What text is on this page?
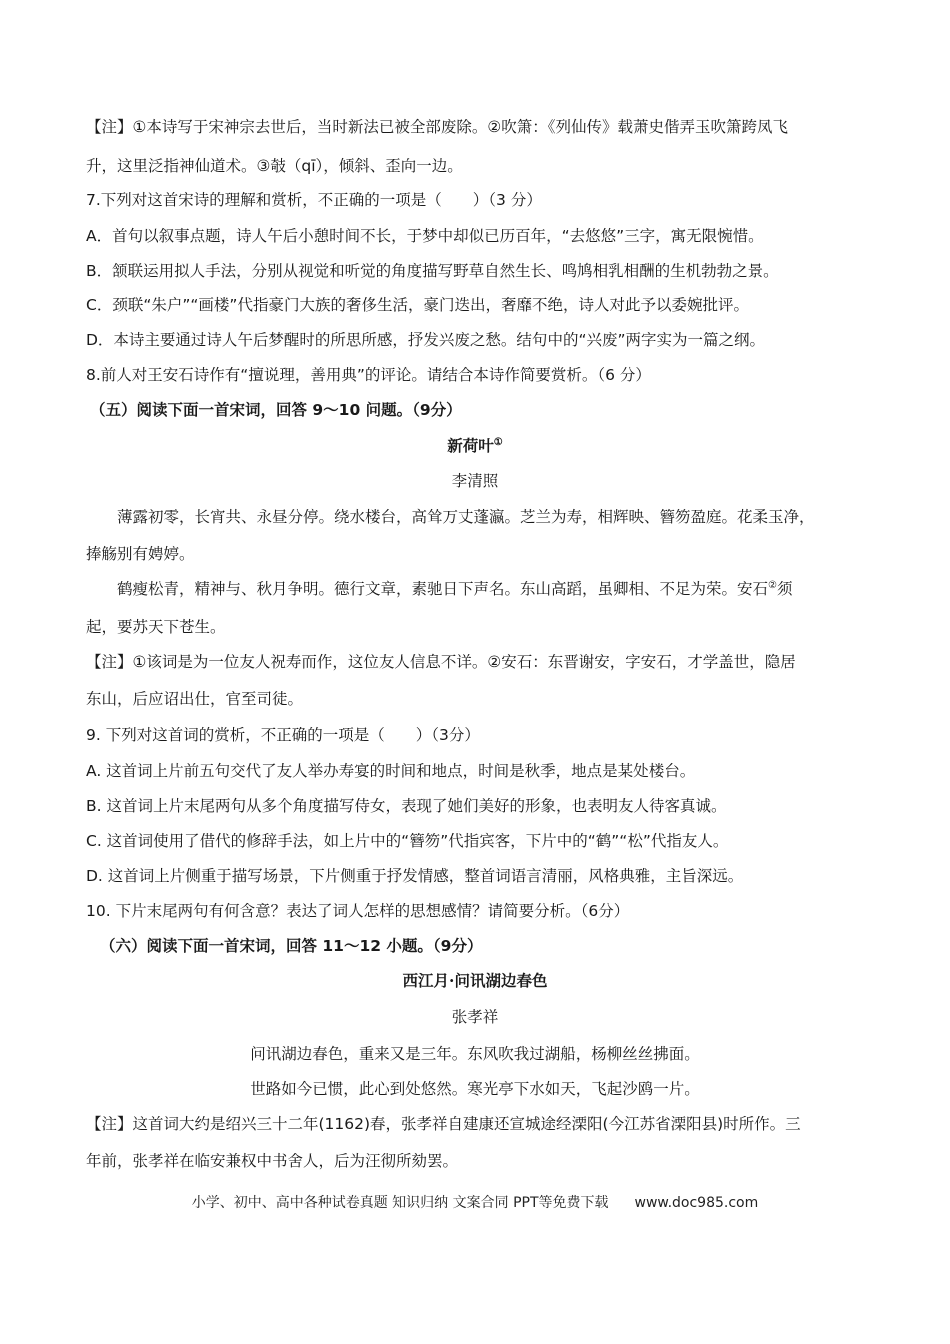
【注】①本诗写于宋神宗去世后，当时新法已被全部废除。②吹箫：《列仙传》载萧史偕弄玉吹箫跨凤飞
升，这里泛指神仙道术。③攲（qī），倾斜、歪向一边。
7.下列对这首宋诗的理解和赏析，不正确的一项是（　　）（3 分）
A．首句以叙事点题，诗人午后小憩时间不长，于梦中却似已历百年，“去悠悠”三字，寓无限惋惜。
B．颔联运用拟人手法，分别从视觉和听觉的角度描写野草自然生长、鸣鸠相乳相酬的生机勃勃之景。
C．颈联“朱户”“画楼”代指豪门大族的奢侈生活，豪门迭出，奢靡不绝，诗人对此予以委婉批评。
D．本诗主要通过诗人午后梦醒时的所思所感，抒发兴废之愁。结句中的“兴废”两字实为一篇之纲。
8.前人对王安石诗作有“擅说理，善用典”的评论。请结合本诗作简要赏析。（6 分）
（五）阅读下面一首宋词，回答 9～10 问题。（9分）
新荷叶①
李清照
薄露初零，长宵共、永昼分停。绕水楼台，高耸万丈蓬瀛。芝兰为寿，相辉映、簪笏盈庭。花柔玉净，
捧觞别有娉婷。
鹤瘦松青，精神与、秋月争明。德行文章，素驰日下声名。东山高蹈，虽卿相、不足为荣。安石②须
起，要苏天下苍生。
【注】①该词是为一位友人祝寿而作，这位友人信息不详。②安石：东晋谢安，字安石，才学盖世，隐居
东山，后应诏出仕，官至司徒。
9. 下列对这首词的赏析，不正确的一项是（　　）（3分）
A. 这首词上片前五句交代了友人举办寿宴的时间和地点，时间是秋季，地点是某处楼台。
B. 这首词上片末尾两句从多个角度描写侍女，表现了她们美好的形象，也表明友人待客真诚。
C. 这首词使用了借代的修辞手法，如上片中的“簪笏”代指宾客，下片中的“鹤”“松”代指友人。
D. 这首词上片侧重于描写场景，下片侧重于抒发情感，整首词语言清丽，风格典雅，主旨深远。
10. 下片末尾两句有何含意？表达了词人怎样的思想感情？请简要分析。（6分）
（六）阅读下面一首宋词，回答 11～12 小题。（9分）
西江月·问讯湖边春色
张孝祥
问讯湖边春色，重来又是三年。东风吹我过湖船，杨柳丝丝拂面。
世路如今已惯，此心到处悠然。寒光亭下水如天，飞起沙鸥一片。
【注】这首词大约是绍兴三十二年(1162)春，张孝祥自建康还宣城途经溧阳(今江苏省溧阳县)时所作。三
年前，张孝祥在临安兼权中书舍人，后为汪彻所劾罢。
小学、初中、高中各种试卷真题 知识归纳 文案合同 PPT等免费下载 www.doc985.com
